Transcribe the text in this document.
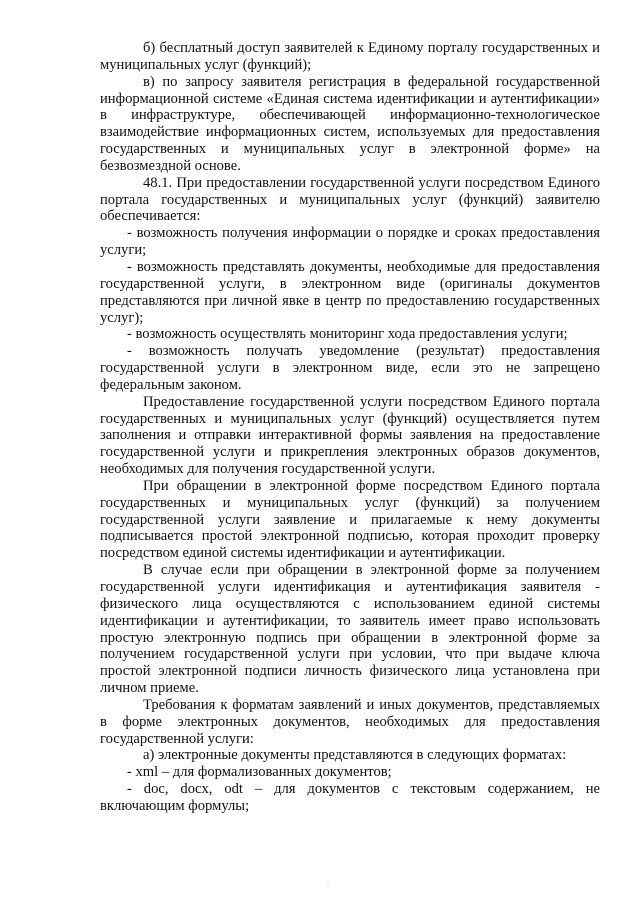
б) бесплатный доступ заявителей к Единому порталу государственных и муниципальных услуг (функций);

в) по запросу заявителя регистрация в федеральной государственной информационной системе «Единая система идентификации и аутентификации» в инфраструктуре, обеспечивающей информационно-технологическое взаимодействие информационных систем, используемых для предоставления государственных и муниципальных услуг в электронной форме» на безвозмездной основе.

48.1. При предоставлении государственной услуги посредством Единого портала государственных и муниципальных услуг (функций) заявителю обеспечивается:

- возможность получения информации о порядке и сроках предоставления услуги;

- возможность представлять документы, необходимые для предоставления государственной услуги, в электронном виде (оригиналы документов представляются при личной явке в центр по предоставлению государственных услуг);

- возможность осуществлять мониторинг хода предоставления услуги;

- возможность получать уведомление (результат) предоставления государственной услуги в электронном виде, если это не запрещено федеральным законом.

Предоставление государственной услуги посредством Единого портала государственных и муниципальных услуг (функций) осуществляется путем заполнения и отправки интерактивной формы заявления на предоставление государственной услуги и прикрепления электронных образов документов, необходимых для получения государственной услуги.

При обращении в электронной форме посредством Единого портала государственных и муниципальных услуг (функций) за получением государственной услуги заявление и прилагаемые к нему документы подписывается простой электронной подписью, которая проходит проверку посредством единой системы идентификации и аутентификации.

В случае если при обращении в электронной форме за получением государственной услуги идентификация и аутентификация заявителя - физического лица осуществляются с использованием единой системы идентификации и аутентификации, то заявитель имеет право использовать простую электронную подпись при обращении в электронной форме за получением государственной услуги при условии, что при выдаче ключа простой электронной подписи личность физического лица установлена при личном приеме.

Требования к форматам заявлений и иных документов, представляемых в форме электронных документов, необходимых для предоставления государственной услуги:

а) электронные документы представляются в следующих форматах:

- xml – для формализованных документов;

- doc, docx, odt – для документов с текстовым содержанием, не включающим формулы;

.
